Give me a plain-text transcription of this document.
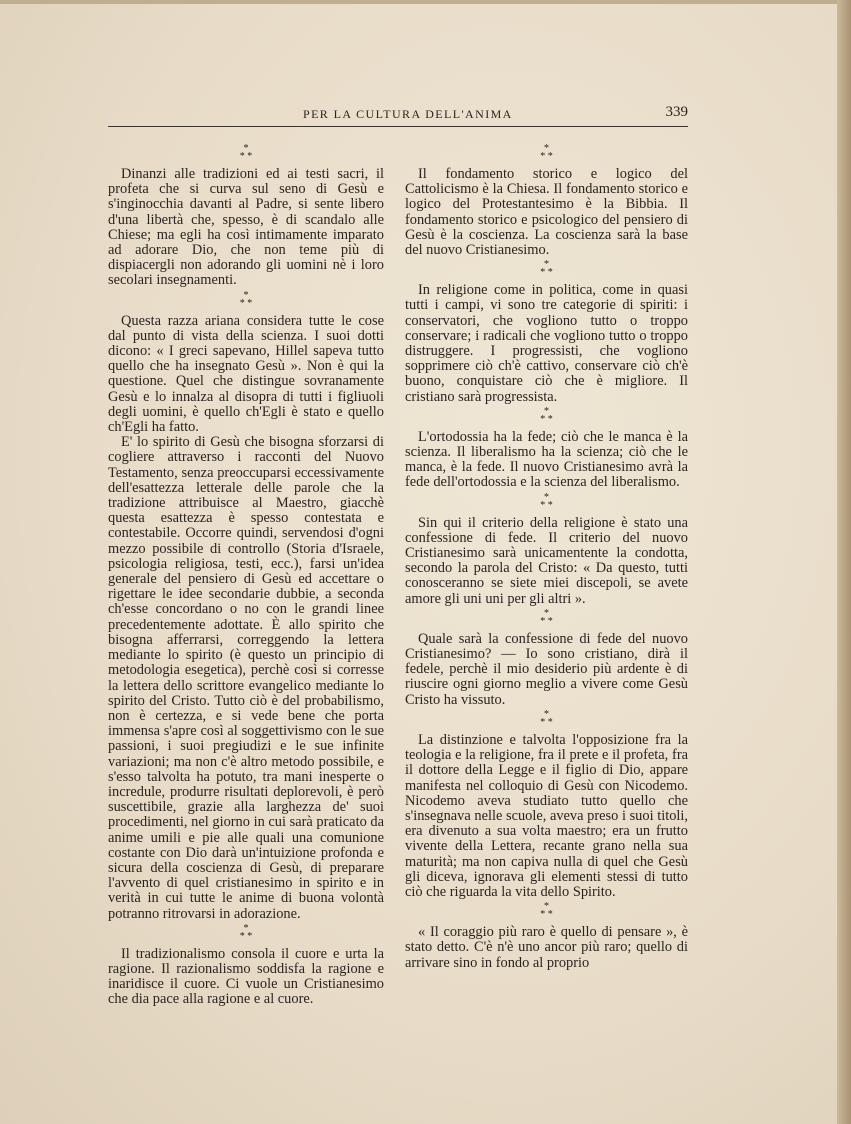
PER LA CULTURA DELL'ANIMA	339
*
* *

Dinanzi alle tradizioni ed ai testi sacri, il profeta che si curva sul seno di Gesù e s'inginocchia davanti al Padre, si sente libero d'una libertà che, spesso, è di scandalo alle Chiese; ma egli ha così intimamente imparato ad adorare Dio, che non teme più di dispiacergli non adorando gli uomini nè i loro secolari insegnamenti.

*
* *

Questa razza ariana considera tutte le cose dal punto di vista della scienza. I suoi dotti dicono: « I greci sapevano, Hillel sapeva tutto quello che ha insegnato Gesù ». Non è qui la questione. Quel che distingue sovranamente Gesù e lo innalza al disopra di tutti i figliuoli degli uomini, è quello ch'Egli è stato e quello ch'Egli ha fatto.

E' lo spirito di Gesù che bisogna sforzarsi di cogliere attraverso i racconti del Nuovo Testamento, senza preoccuparsi eccessivamente dell'esattezza letterale delle parole che la tradizione attribuisce al Maestro, giacchè questa esattezza è spesso contestata e contestabile. Occorre quindi, servendosi d'ogni mezzo possibile di controllo (Storia d'Israele, psicologia religiosa, testi, ecc.), farsi un'idea generale del pensiero di Gesù ed accettare o rigettare le idee secondarie dubbie, a seconda ch'esse concordano o no con le grandi linee precedentemente adottate. È allo spirito che bisogna afferrarsi, correggendo la lettera mediante lo spirito (è questo un principio di metodologia esegetica), perchè così si corresse la lettera dello scrittore evangelico mediante lo spirito del Cristo. Tutto ciò è del probabilismo, non è certezza, e si vede bene che porta immensa s'apre così al soggettivismo con le sue passioni, i suoi pregiudizi e le sue infinite variazioni; ma non c'è altro metodo possibile, e s'esso talvolta ha potuto, tra mani inesperte o incredule, produrre risultati deplorevoli, è però suscettibile, grazie alla larghezza de' suoi procedimenti, nel giorno in cui sarà praticato da anime umili e pie alle quali una comunione costante con Dio darà un'intuizione profonda e sicura della coscienza di Gesù, di preparare l'avvento di quel cristianesimo in spirito e in verità in cui tutte le anime di buona volontà potranno ritrovarsi in adorazione.

*
* *

Il tradizionalismo consola il cuore e urta la ragione. Il razionalismo soddisfa la ragione e inaridisce il cuore. Ci vuole un Cristianesimo che dia pace alla ragione e al cuore.

*
* *

Il fondamento storico e logico del Cattolicismo è la Chiesa. Il fondamento storico e logico del Protestantesimo è la Bibbia. Il fondamento storico e psicologico del pensiero di Gesù è la coscienza. La coscienza sarà la base del nuovo Cristianesimo.

*
* *

In religione come in politica, come in quasi tutti i campi, vi sono tre categorie di spiriti: i conservatori, che vogliono tutto o troppo conservare; i radicali che vogliono tutto o troppo distruggere. I progressisti, che vogliono sopprimere ciò ch'è cattivo, conservare ciò ch'è buono, conquistare ciò che è migliore. Il cristiano sarà progressista.

*
* *

L'ortodossia ha la fede; ciò che le manca è la scienza. Il liberalismo ha la scienza; ciò che le manca, è la fede. Il nuovo Cristianesimo avrà la fede dell'ortodossia e la scienza del liberalismo.

*
* *

Sin qui il criterio della religione è stato una confessione di fede. Il criterio del nuovo Cristianesimo sarà unicamentente la condotta, secondo la parola del Cristo: « Da questo, tutti conosceranno se siete miei discepoli, se avete amore gli uni uni per gli altri ».

*
* *

Quale sarà la confessione di fede del nuovo Cristianesimo? — Io sono cristiano, dirà il fedele, perchè il mio desiderio più ardente è di riuscire ogni giorno meglio a vivere come Gesù Cristo ha vissuto.

*
* *

La distinzione e talvolta l'opposizione fra la teologia e la religione, fra il prete e il profeta, fra il dottore della Legge e il figlio di Dio, appare manifesta nel colloquio di Gesù con Nicodemo. Nicodemo aveva studiato tutto quello che s'insegnava nelle scuole, aveva preso i suoi titoli, era divenuto a sua volta maestro; era un frutto vivente della Lettera, recante grano nella sua maturità; ma non capiva nulla di quel che Gesù gli diceva, ignorava gli elementi stessi di tutto ciò che riguarda la vita dello Spirito.

*
* *

« Il coraggio più raro è quello di pensare », è stato detto. C'è n'è uno ancor più raro; quello di arrivare sino in fondo al proprio
